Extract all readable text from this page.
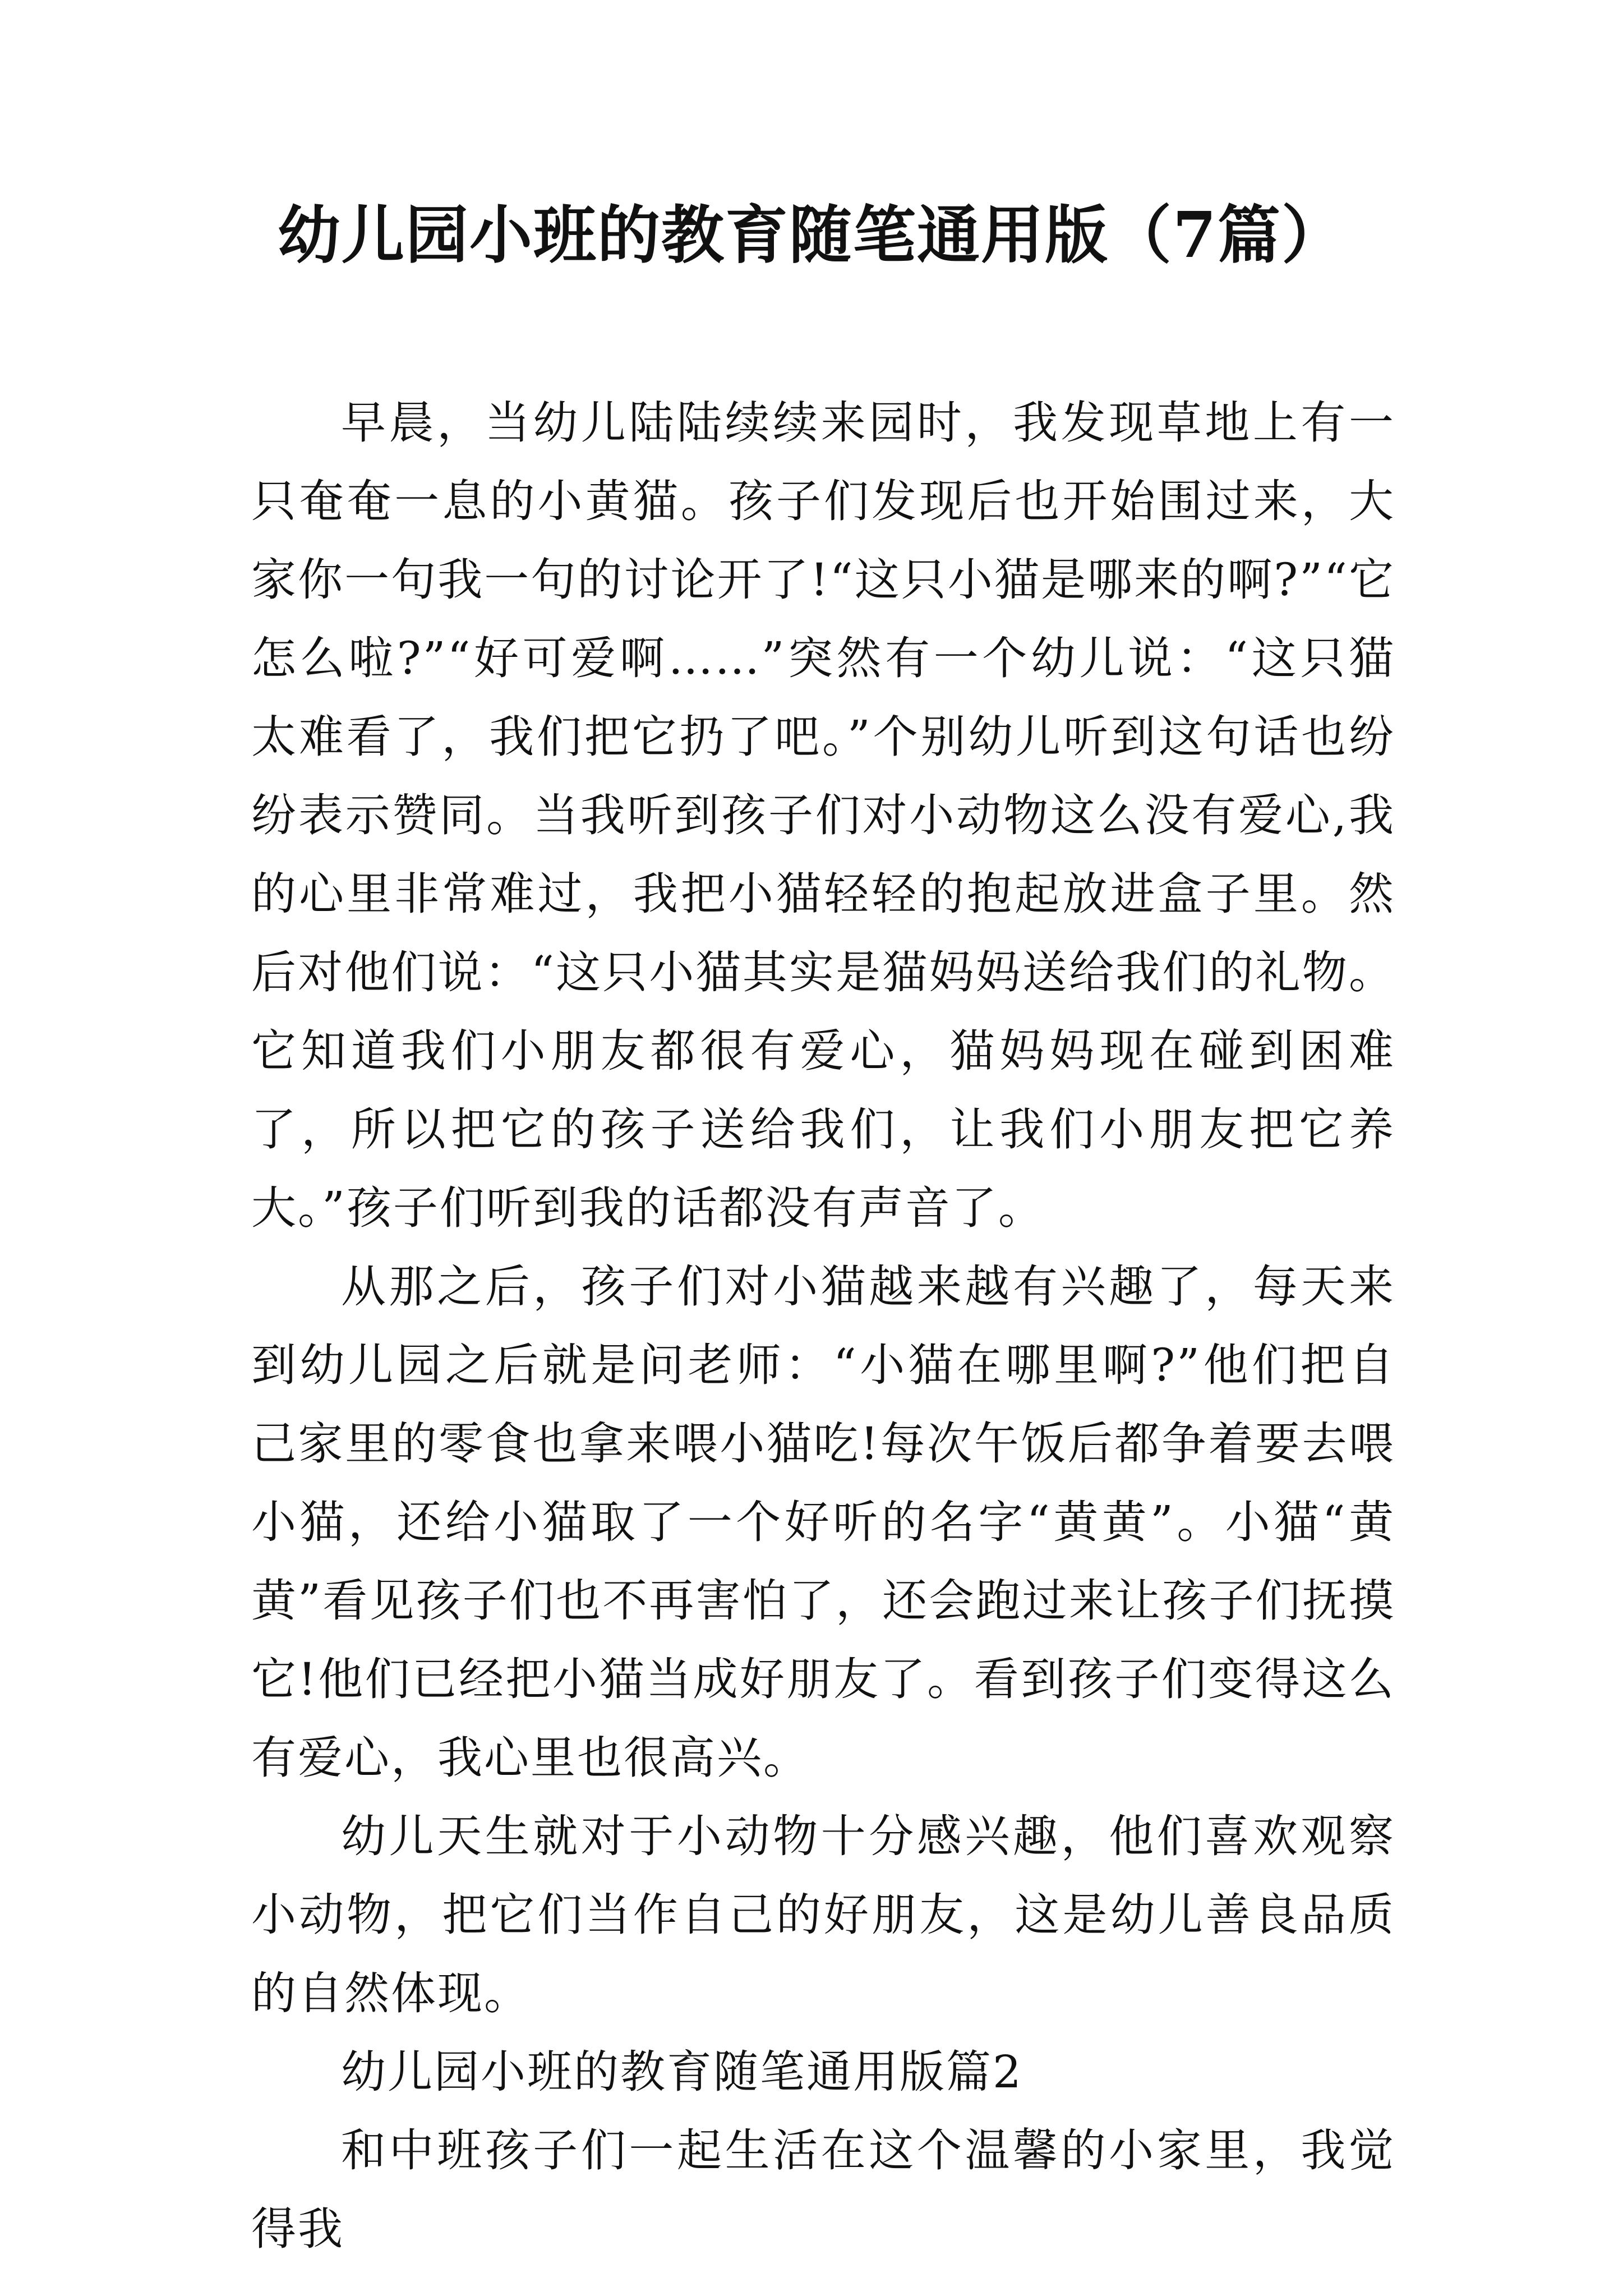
幼儿园小班的教育随笔通用版（7篇）

早晨，当幼儿陆陆续续来园时，我发现草地上有一只奄奄一息的小黄猫。孩子们发现后也开始围过来，大家你一句我一句的讨论开了!“这只小猫是哪来的啊?”“它怎么啦?”“好可爱啊……”突然有一个幼儿说：“这只猫太难看了，我们把它扔了吧。”个别幼儿听到这句话也纷纷表示赞同。当我听到孩子们对小动物这么没有爱心,我的心里非常难过，我把小猫轻轻的抱起放进盒子里。然后对他们说：“这只小猫其实是猫妈妈送给我们的礼物。它知道我们小朋友都很有爱心，猫妈妈现在碰到困难了，所以把它的孩子送给我们，让我们小朋友把它养大。”孩子们听到我的话都没有声音了。

从那之后，孩子们对小猫越来越有兴趣了，每天来到幼儿园之后就是问老师：“小猫在哪里啊?”他们把自己家里的零食也拿来喂小猫吃!每次午饭后都争着要去喂小猫，还给小猫取了一个好听的名字“黄黄”。小猫“黄黄”看见孩子们也不再害怕了，还会跑过来让孩子们抚摸它!他们已经把小猫当成好朋友了。看到孩子们变得这么有爱心，我心里也很高兴。

幼儿天生就对于小动物十分感兴趣，他们喜欢观察小动物，把它们当作自己的好朋友，这是幼儿善良品质的自然体现。

幼儿园小班的教育随笔通用版篇2

和中班孩子们一起生活在这个温馨的小家里，我觉得我
